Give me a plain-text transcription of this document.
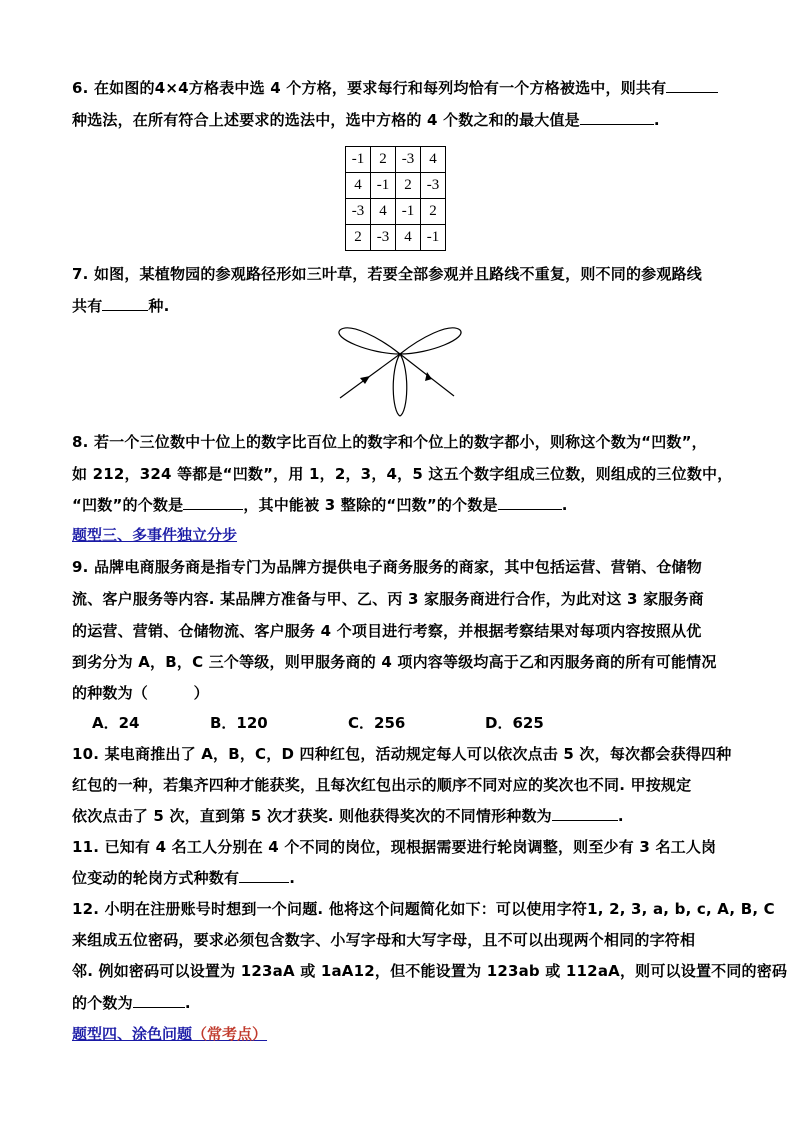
6. 在如图的4×4方格表中选 4 个方格，要求每行和每列均恰有一个方格被选中，则共有
种选法，在所有符合上述要求的选法中，选中方格的 4 个数之和的最大值是	.
-1	2	-3	4
4	-1	2	-3
-3	4	-1	2
2	-3	4	-1
7. 如图，某植物园的参观路径形如三叶草，若要全部参观并且路线不重复，则不同的参观路线
共有	种.
8. 若一个三位数中十位上的数字比百位上的数字和个位上的数字都小，则称这个数为“凹数”，
如 212，324 等都是“凹数”，用 1，2，3，4，5 这五个数字组成三位数，则组成的三位数中，
“凹数”的个数是	，其中能被 3 整除的“凹数”的个数是	.
题型三、多事件独立分步
9. 品牌电商服务商是指专门为品牌方提供电子商务服务的商家，其中包括运营、营销、仓储物
流、客户服务等内容. 某品牌方准备与甲、乙、丙 3 家服务商进行合作，为此对这 3 家服务商
的运营、营销、仓储物流、客户服务 4 个项目进行考察，并根据考察结果对每项内容按照从优
到劣分为 A，B，C 三个等级，则甲服务商的 4 项内容等级均高于乙和丙服务商的所有可能情况
的种数为（　　　）
A．24	B．120	C．256	D．625
10. 某电商推出了 A，B，C，D 四种红包，活动规定每人可以依次点击 5 次，每次都会获得四种
红包的一种，若集齐四种才能获奖，且每次红包出示的顺序不同对应的奖次也不同. 甲按规定
依次点击了 5 次，直到第 5 次才获奖. 则他获得奖次的不同情形种数为	.
11. 已知有 4 名工人分别在 4 个不同的岗位，现根据需要进行轮岗调整，则至少有 3 名工人岗
位变动的轮岗方式种数有	.
12. 小明在注册账号时想到一个问题. 他将这个问题简化如下：可以使用字符1, 2, 3, a, b, c, A, B, C
来组成五位密码，要求必须包含数字、小写字母和大写字母，且不可以出现两个相同的字符相
邻. 例如密码可以设置为 123aA 或 1aA12，但不能设置为 123ab 或 112aA，则可以设置不同的密码
的个数为	.
题型四、涂色问题（常考点）
